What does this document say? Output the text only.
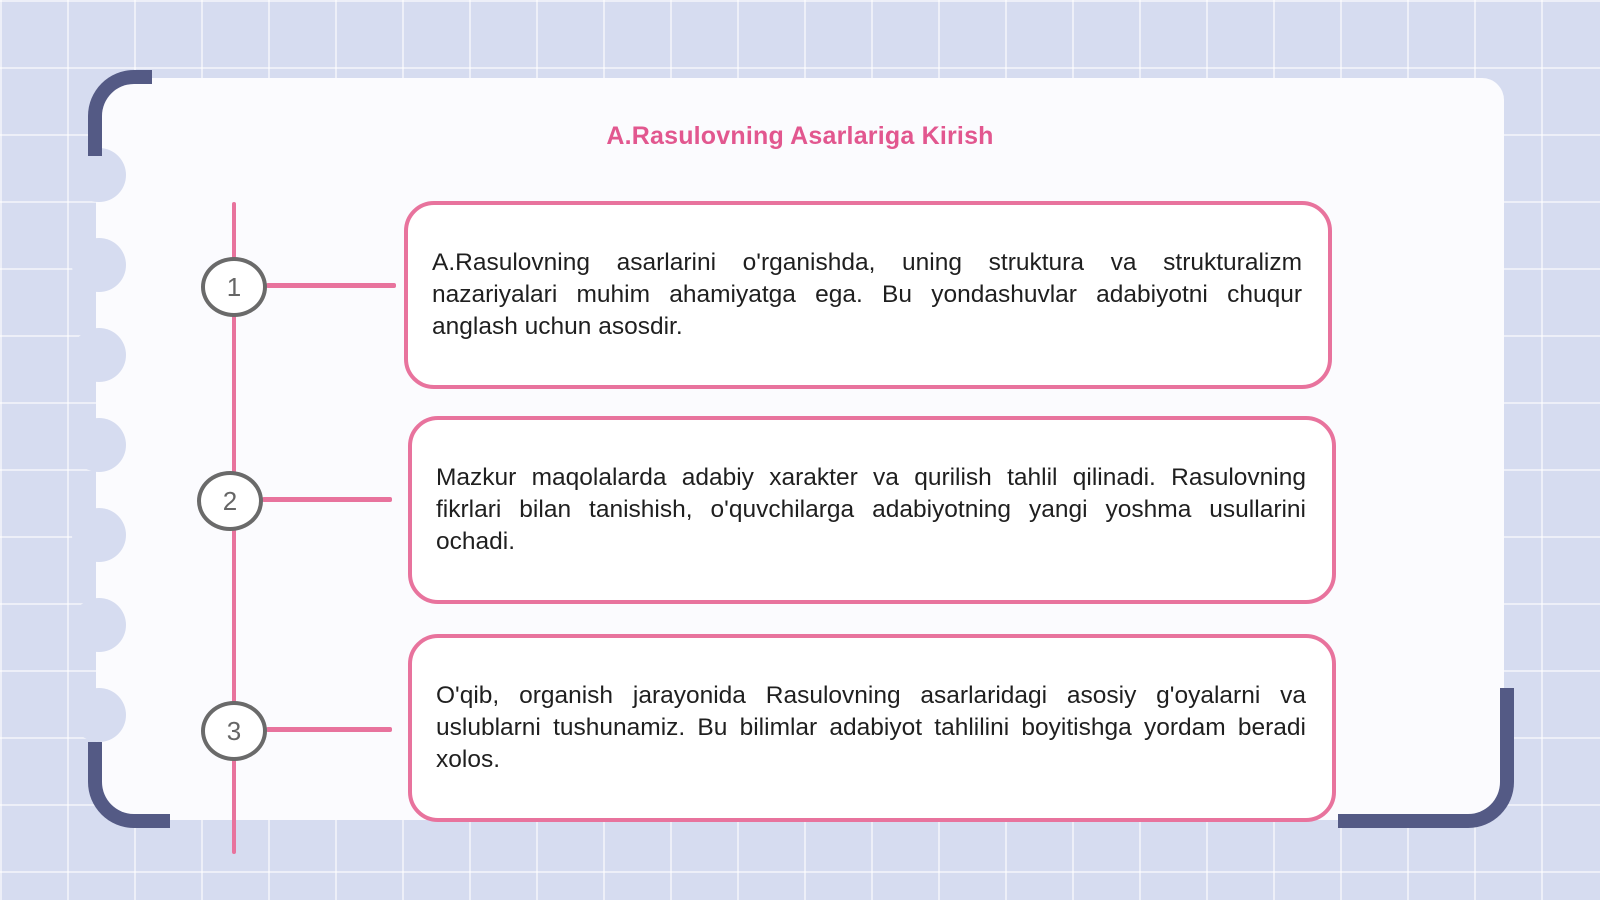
A.Rasulovning Asarlariga Kirish
1

A.Rasulovning asarlarini o'rganishda, uning struktura va strukturalizm nazariyalari muhim ahamiyatga ega. Bu yondashuvlar adabiyotni chuqur anglash uchun asosdir.

2

Mazkur maqolalarda adabiy xarakter va qurilish tahlil qilinadi. Rasulovning fikrlari bilan tanishish, o'quvchilarga adabiyotning yangi yoshma usullarini ochadi.

3

O'qib, organish jarayonida Rasulovning asarlaridagi asosiy g'oyalarni va uslublarni tushunamiz. Bu bilimlar adabiyot tahlilini boyitishga yordam beradi xolos.
